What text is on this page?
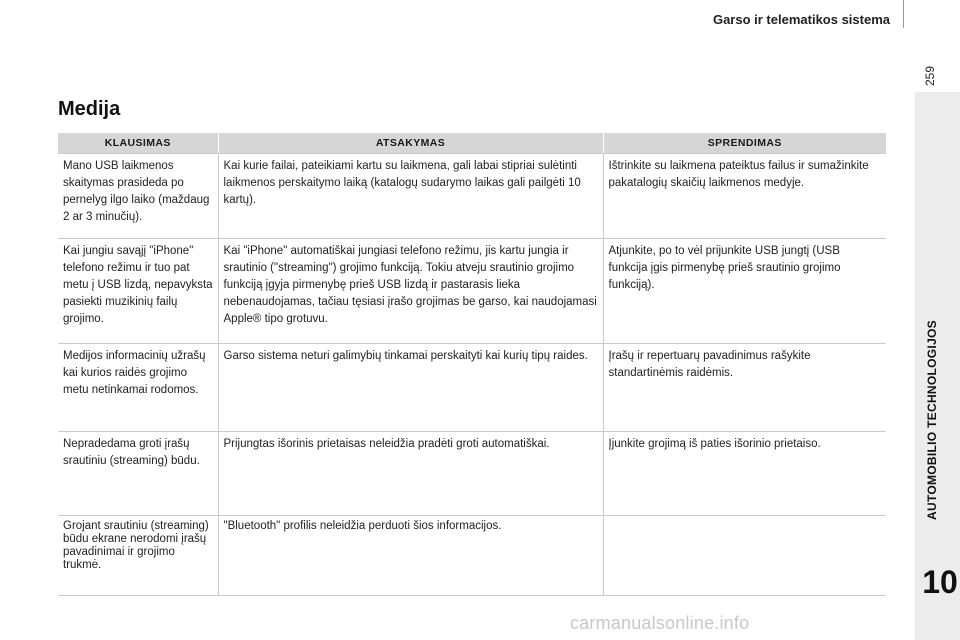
Garso ir telematikos sistema
259
AUTOMOBILIO TECHNOLOGIJOS
10
Medija
KLAUSIMAS	ATSAKYMAS	SPRENDIMAS
Mano USB laikmenos skaitymas prasideda po pernelyg ilgo laiko (maždaug 2 ar 3 minučių).	Kai kurie failai, pateikiami kartu su laikmena, gali labai stipriai sulėtinti laikmenos perskaitymo laiką (katalogų sudarymo laikas gali pailgėti 10 kartų).	Ištrinkite su laikmena pateiktus failus ir sumažinkite pakatalogių skaičių laikmenos medyje.
Kai jungiu savąjį "iPhone" telefono režimu ir tuo pat metu į USB lizdą, nepavyksta pasiekti muzikinių failų grojimo.	Kai "iPhone" automatiškai jungiasi telefono režimu, jis kartu jungia ir srautinio ("streaming") grojimo funkciją. Tokiu atveju srautinio grojimo funkciją įgyja pirmenybę prieš USB lizdą ir pastarasis lieka nebenaudojamas, tačiau tęsiasi įrašo grojimas be garso, kai naudojamasi Apple® tipo grotuvu.	Atjunkite, po to vėl prijunkite USB jungtį (USB funkcija įgis pirmenybę prieš srautinio grojimo funkciją).
Medijos informacinių užrašų kai kurios raidės grojimo metu netinkamai rodomos.	Garso sistema neturi galimybių tinkamai perskaityti kai kurių tipų raides.	Įrašų ir repertuarų pavadinimus rašykite standartinėmis raidėmis.
Nepradedama groti įrašų srautiniu (streaming) būdu.	Prijungtas išorinis prietaisas neleidžia pradėti groti automatiškai.	Įjunkite grojimą iš paties išorinio prietaiso.
Grojant srautiniu (streaming) būdu ekrane nerodomi įrašų pavadinimai ir grojimo trukmė.	"Bluetooth" profilis neleidžia perduoti šios informacijos.	
carmanualsonline.info
